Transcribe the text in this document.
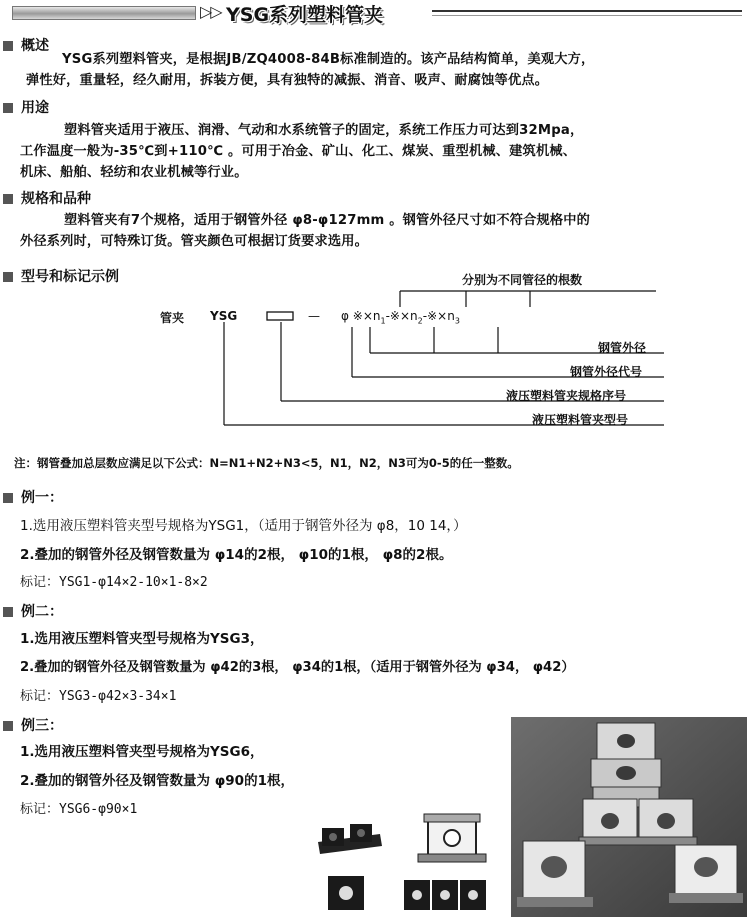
▷▷ YSG系列塑料管夹
概述

YSG系列塑料管夹，是根据JB/ZQ4008-84B标准制造的。该产品结构简单，美观大方，

弹性好，重量轻，经久耐用，拆装方便，具有独特的减振、消音、吸声、耐腐蚀等优点。

用途

塑料管夹适用于液压、润滑、气动和水系统管子的固定，系统工作压力可达到32Mpa，

工作温度一般为-35℃到+110℃ 。可用于冶金、矿山、化工、煤炭、重型机械、建筑机械、

机床、船舶、轻纺和农业机械等行业。

规格和品种

塑料管夹有7个规格，适用于钢管外径 φ8-φ127mm 。钢管外径尺寸如不符合规格中的

外径系列时，可特殊订货。管夹颜色可根据订货要求选用。

型号和标记示例	分别为不同管径的根数
管夹 YSG	— φ $※\times n_1-※\times n_2-※\times n_3$
钢管外径
钢管外径代号
液压塑料管夹规格序号
液压塑料管夹型号
注：钢管叠加总层数应满足以下公式：N=N1+N2+N3<5，N1，N2，N3可为0-5的任一整数。
例一：
1.选用液压塑料管夹型号规格为YSG1，（适用于钢管外径为 φ8，10 14，）
2.叠加的钢管外径及钢管数量为 φ14的2根， φ10的1根， φ8的2根。
标记：YSG1-φ14×2-10×1-8×2
例二：
1.选用液压塑料管夹型号规格为YSG3，
2.叠加的钢管外径及钢管数量为 φ42的3根， φ34的1根，（适用于钢管外径为 φ34， φ42）
标记：YSG3-φ42×3-34×1
例三：
1.选用液压塑料管夹型号规格为YSG6，
2.叠加的钢管外径及钢管数量为 φ90的1根，
标记：YSG6-φ90×1
